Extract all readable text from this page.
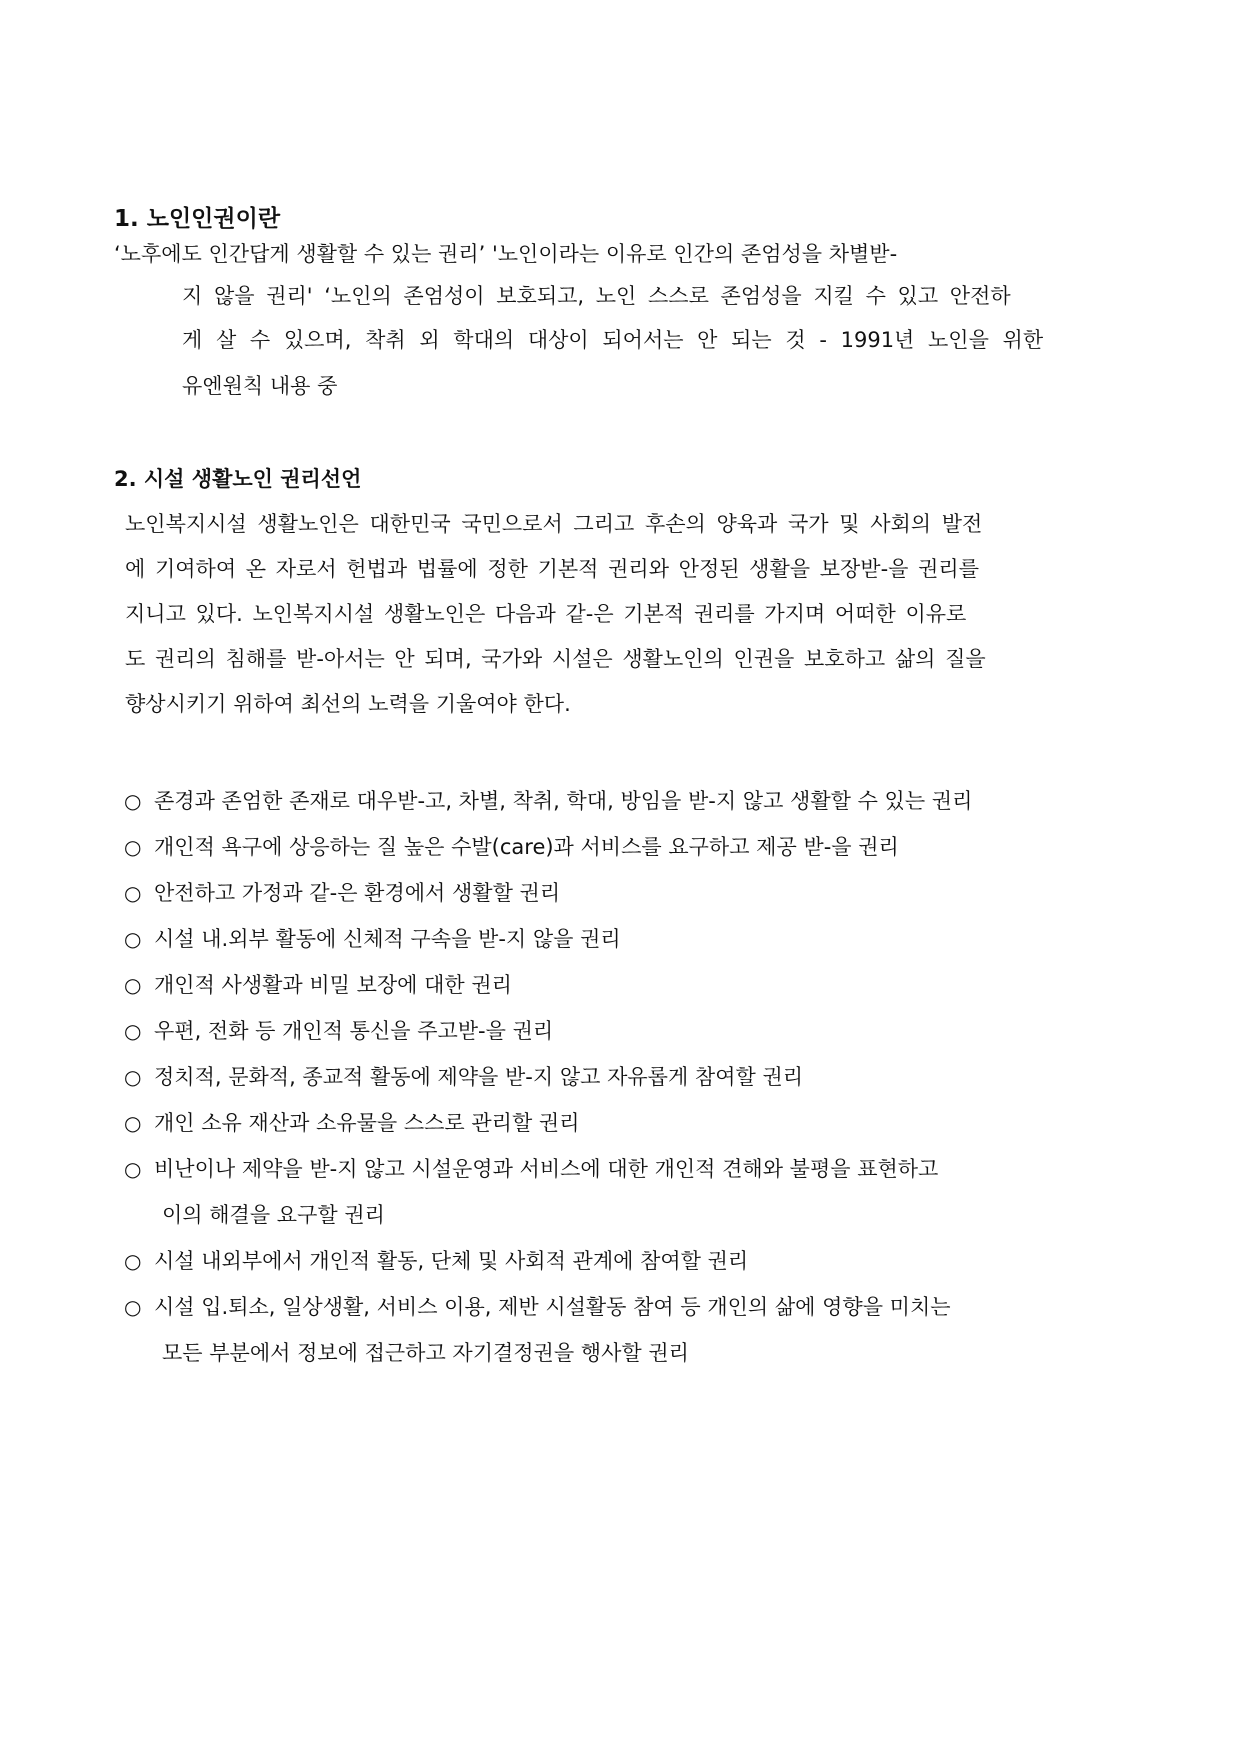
1. 노인인권이란
‘노후에도 인간답게 생활할 수 있는 권리’ '노인이라는 이유로 인간의 존엄성을 차별받-
지 않을 권리' ‘노인의 존엄성이 보호되고, 노인 스스로 존엄성을 지킬 수 있고 안전하
게 살 수 있으며, 착취 외 학대의 대상이 되어서는 안 되는 것 - 1991년 노인을 위한
유엔원칙 내용 중
2. 시설 생활노인 권리선언
노인복지시설 생활노인은 대한민국 국민으로서 그리고 후손의 양육과 국가 및 사회의 발전
에 기여하여 온 자로서 헌법과 법률에 정한 기본적 권리와 안정된 생활을 보장받-을 권리를
지니고 있다. 노인복지시설 생활노인은 다음과 같-은 기본적 권리를 가지며 어떠한 이유로
도 권리의 침해를 받-아서는 안 되며, 국가와 시설은 생활노인의 인권을 보호하고 삶의 질을
향상시키기 위하여 최선의 노력을 기울여야 한다.
○ 존경과 존엄한 존재로 대우받-고, 차별, 착취, 학대, 방임을 받-지 않고 생활할 수 있는 권리
○ 개인적 욕구에 상응하는 질 높은 수발(care)과 서비스를 요구하고 제공 받-을 권리
○ 안전하고 가정과 같-은 환경에서 생활할 권리
○ 시설 내.외부 활동에 신체적 구속을 받-지 않을 권리
○ 개인적 사생활과 비밀 보장에 대한 권리
○ 우편, 전화 등 개인적 통신을 주고받-을 권리
○ 정치적, 문화적, 종교적 활동에 제약을 받-지 않고 자유롭게 참여할 권리
○ 개인 소유 재산과 소유물을 스스로 관리할 권리
○ 비난이나 제약을 받-지 않고 시설운영과 서비스에 대한 개인적 견해와 불평을 표현하고
이의 해결을 요구할 권리
○ 시설 내외부에서 개인적 활동, 단체 및 사회적 관계에 참여할 권리
○ 시설 입.퇴소, 일상생활, 서비스 이용, 제반 시설활동 참여 등 개인의 삶에 영향을 미치는
모든 부분에서 정보에 접근하고 자기결정권을 행사할 권리
